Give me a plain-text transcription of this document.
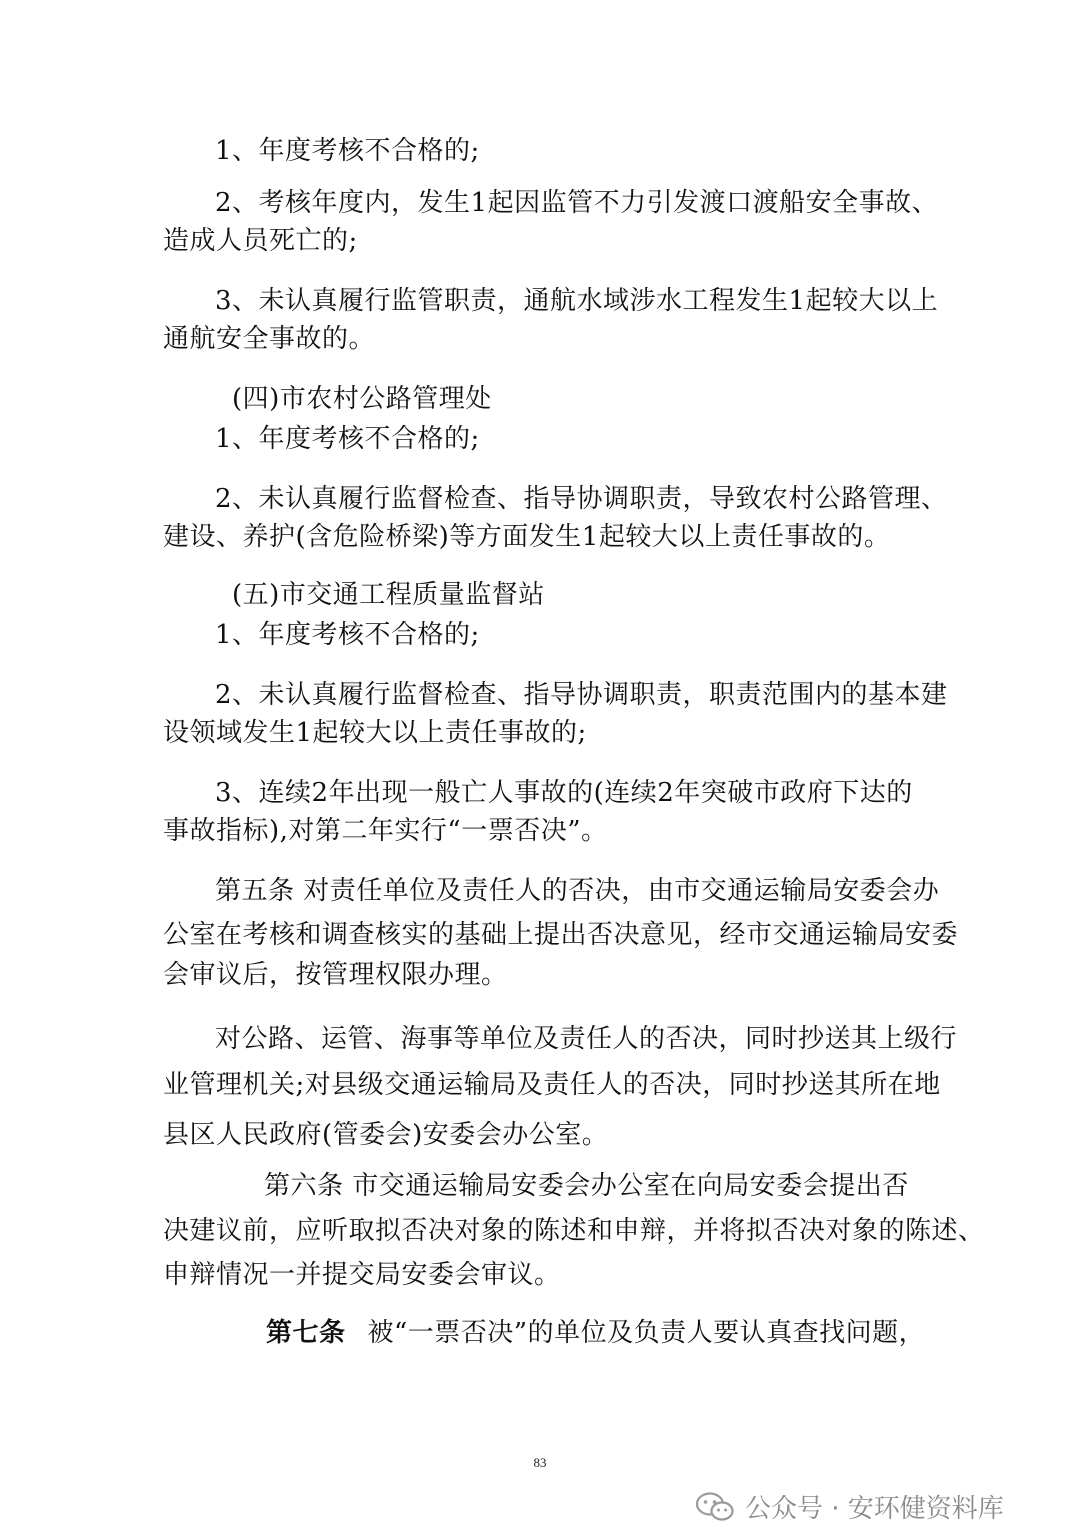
1、年度考核不合格的;
2、考核年度内，发生1起因监管不力引发渡口渡船安全事故、
造成人员死亡的;
3、未认真履行监管职责，通航水域涉水工程发生1起较大以上
通航安全事故的。
(四)市农村公路管理处
1、年度考核不合格的;
2、未认真履行监督检查、指导协调职责，导致农村公路管理、
建设、养护(含危险桥梁)等方面发生1起较大以上责任事故的。
(五)市交通工程质量监督站
1、年度考核不合格的;
2、未认真履行监督检查、指导协调职责，职责范围内的基本建
设领域发生1起较大以上责任事故的;
3、连续2年出现一般亡人事故的(连续2年突破市政府下达的
事故指标),对第二年实行“一票否决”。
第五条 对责任单位及责任人的否决，由市交通运输局安委会办
公室在考核和调查核实的基础上提出否决意见，经市交通运输局安委
会审议后，按管理权限办理。
对公路、运管、海事等单位及责任人的否决，同时抄送其上级行
业管理机关;对县级交通运输局及责任人的否决，同时抄送其所在地
县区人民政府(管委会)安委会办公室。
第六条 市交通运输局安委会办公室在向局安委会提出否
决建议前，应听取拟否决对象的陈述和申辩，并将拟否决对象的陈述、
申辩情况一并提交局安委会审议。
第七条 被“一票否决”的单位及负责人要认真查找问题，
83
公众号 · 安环健资料库
